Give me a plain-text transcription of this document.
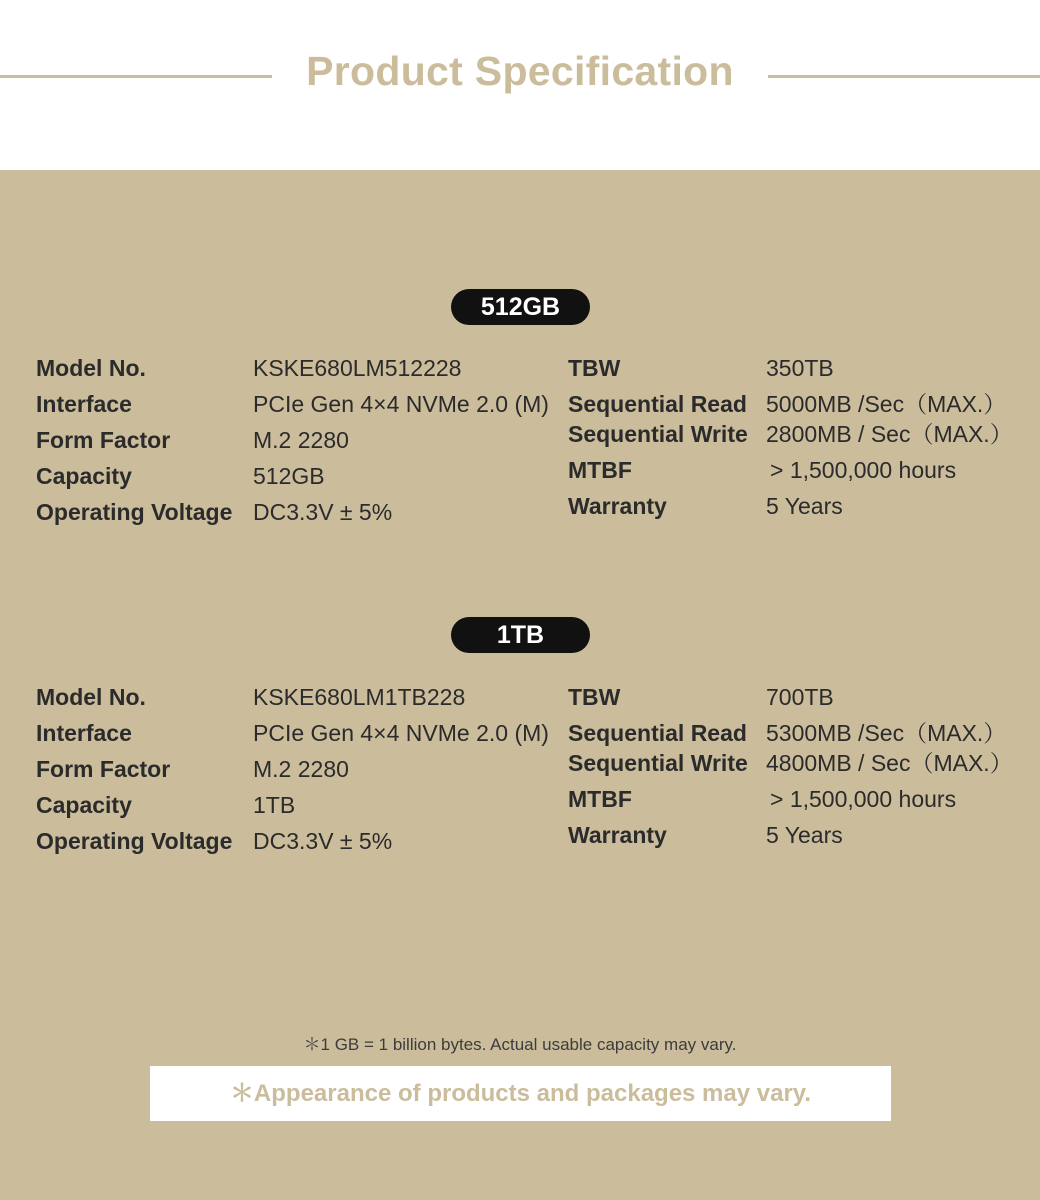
Product Specification
512GB
Model No.	KSKE680LM512228
Interface	PCIe Gen 4×4 NVMe 2.0 (M)
Form Factor	M.2 2280
Capacity	512GB
Operating Voltage DC3.3V ± 5%
TBW	350TB
Sequential Read 5000MB /Sec（MAX.）
Sequential Write 2800MB / Sec（MAX.）
MTBF	> 1,500,000 hours
Warranty	5 Years
1TB
Model No.	KSKE680LM1TB228
Interface	PCIe Gen 4×4 NVMe 2.0 (M)
Form Factor	M.2 2280
Capacity	1TB
Operating Voltage DC3.3V ± 5%
TBW	700TB
Sequential Read 5300MB /Sec（MAX.）
Sequential Write 4800MB / Sec（MAX.）
MTBF	> 1,500,000 hours
Warranty	5 Years
＊1 GB = 1 billion bytes. Actual usable capacity may vary.
＊Appearance of products and packages may vary.
